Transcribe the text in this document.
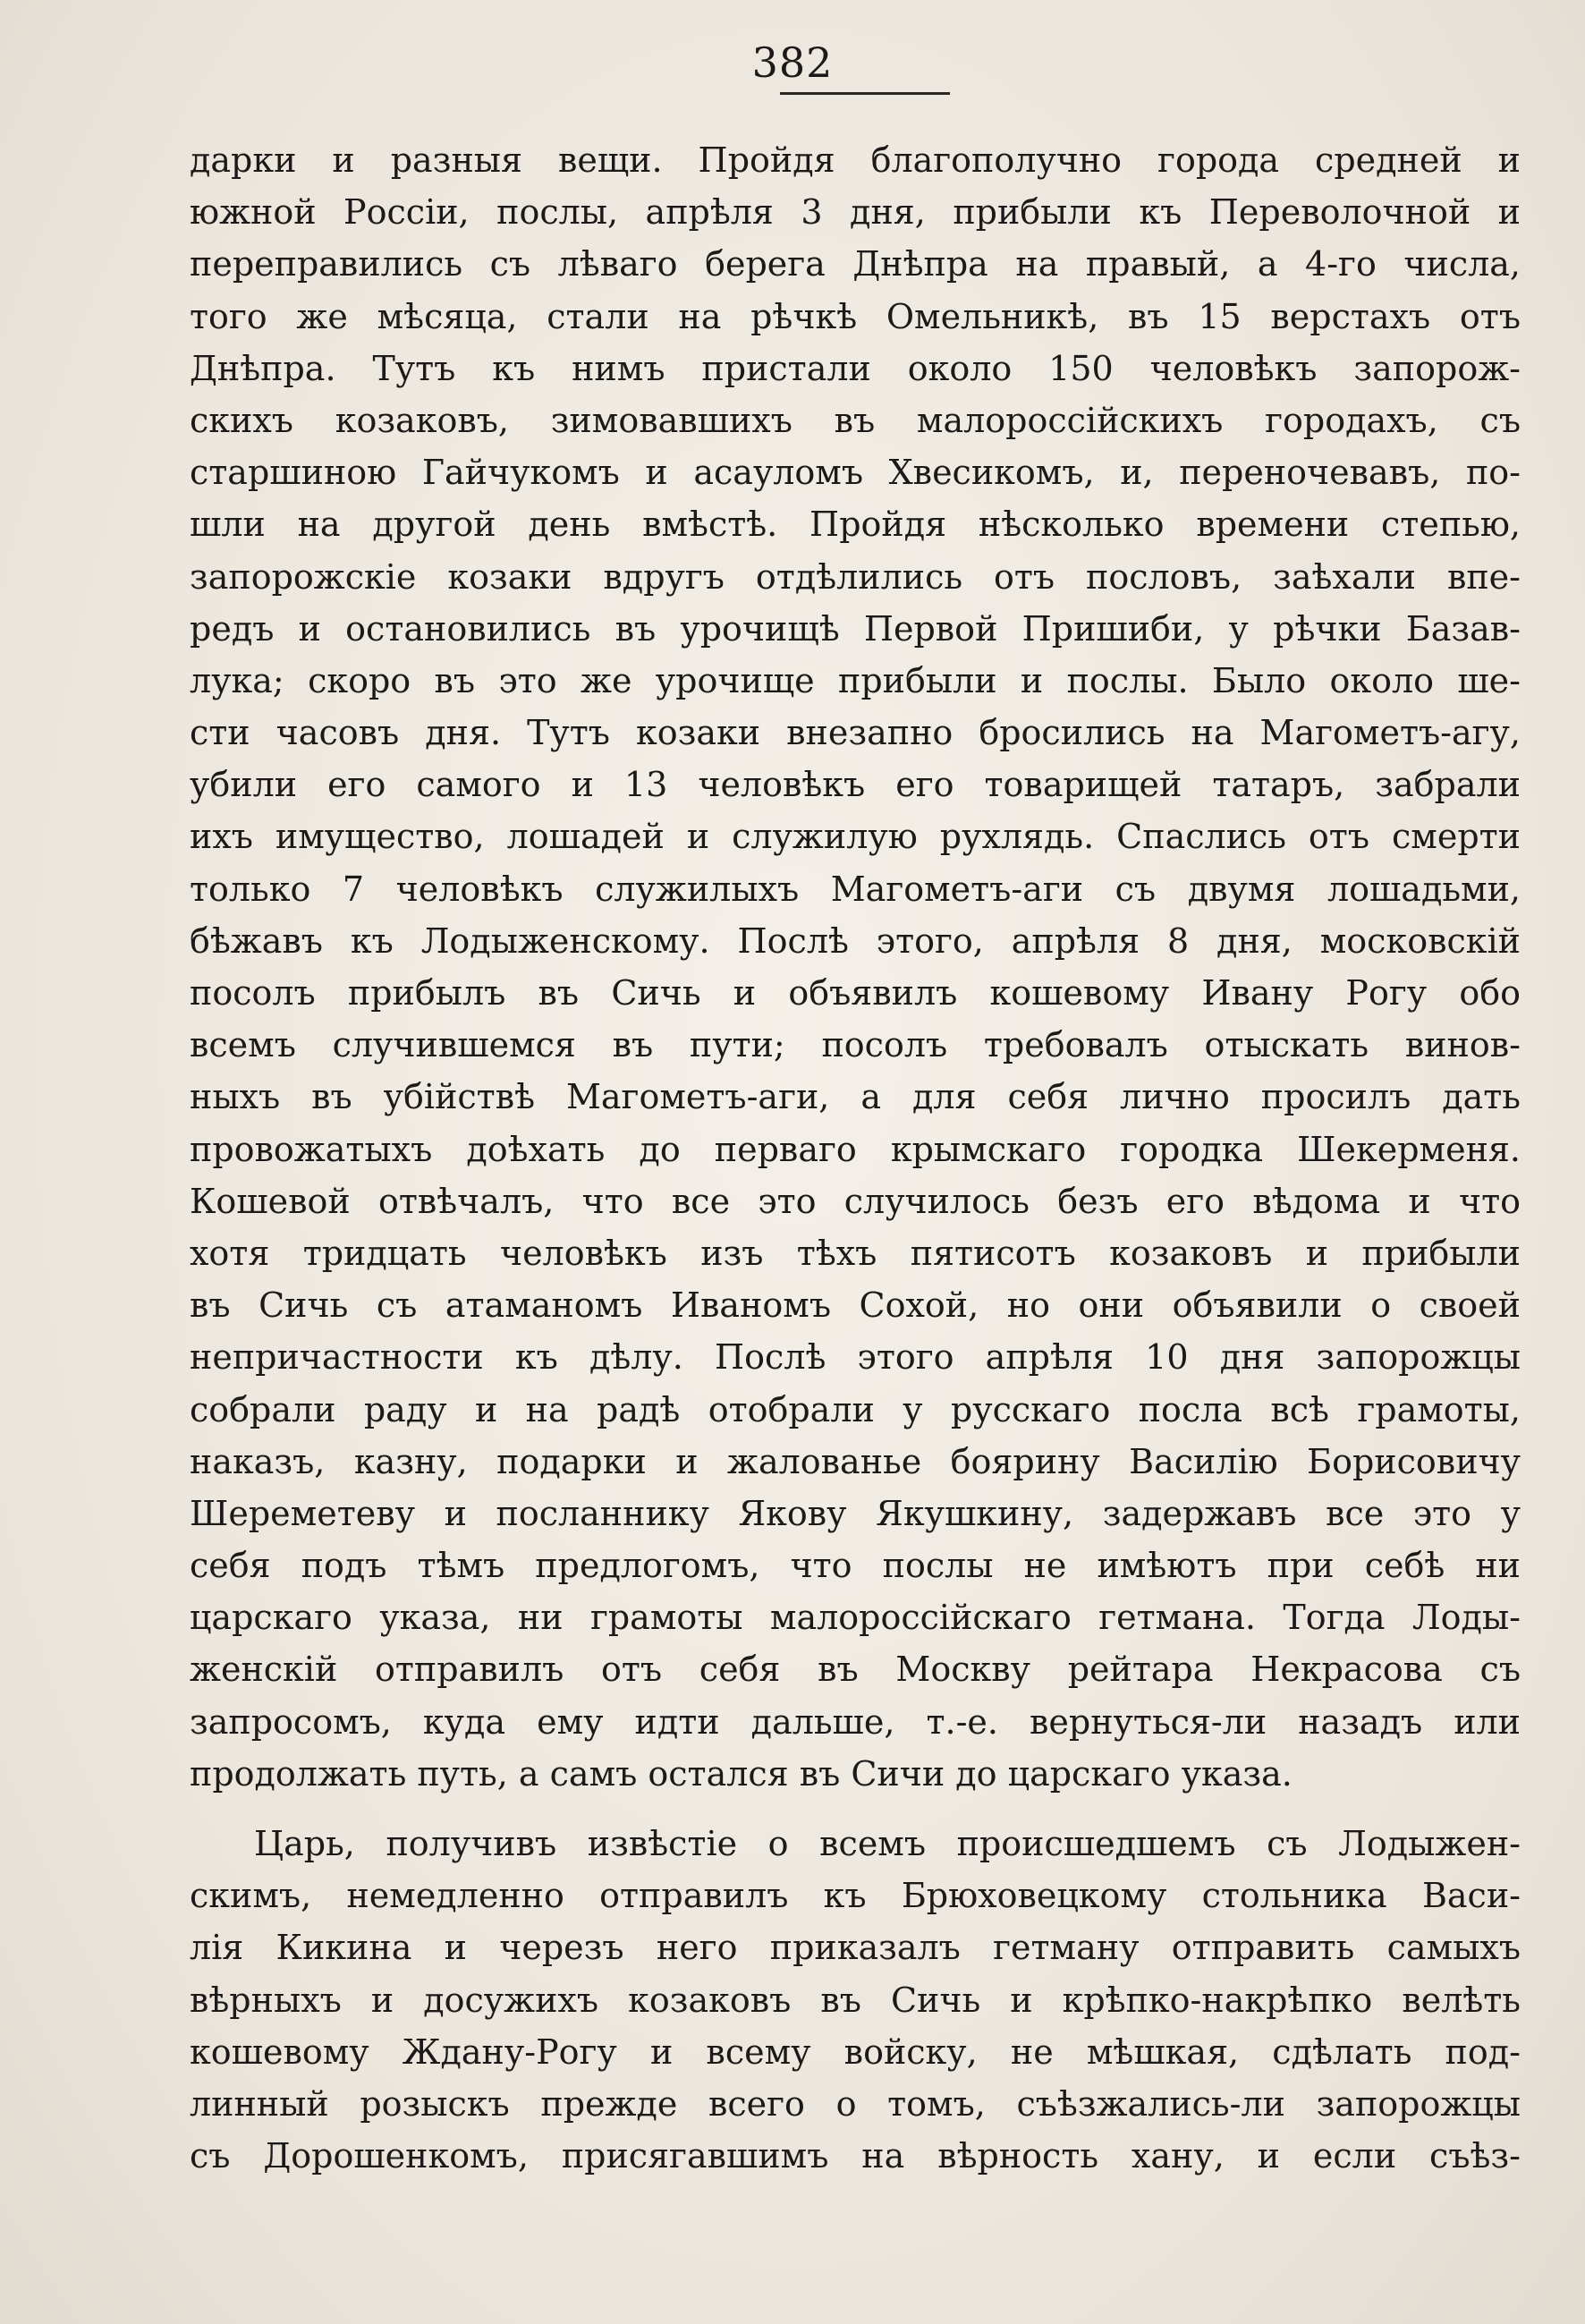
382
дарки и разныя вещи. Пройдя благополучно города средней и
южной Россіи, послы, апрѣля 3 дня, прибыли къ Переволочной и
переправились съ лѣваго берега Днѣпра на правый, а 4-го числа,
того же мѣсяца, стали на рѣчкѣ Омельникѣ, въ 15 верстахъ отъ
Днѣпра. Тутъ къ нимъ пристали около 150 человѣкъ запорож-
скихъ козаковъ, зимовавшихъ въ малороссійскихъ городахъ, съ
старшиною Гайчукомъ и асауломъ Хвесикомъ, и, переночевавъ, по-
шли на другой день вмѣстѣ. Пройдя нѣсколько времени степью,
запорожскіе козаки вдругъ отдѣлились отъ пословъ, заѣхали впе-
редъ и остановились въ урочищѣ Первой Пришиби, у рѣчки Базав-
лука; скоро въ это же урочище прибыли и послы. Было около ше-
сти часовъ дня. Тутъ козаки внезапно бросились на Магометъ-агу,
убили его самого и 13 человѣкъ его товарищей татаръ, забрали
ихъ имущество, лошадей и служилую рухлядь. Спаслись отъ смерти
только 7 человѣкъ служилыхъ Магометъ-аги съ двумя лошадьми,
бѣжавъ къ Лодыженскому. Послѣ этого, апрѣля 8 дня, московскій
посолъ прибылъ въ Сичь и объявилъ кошевому Ивану Рогу обо
всемъ случившемся въ пути; посолъ требовалъ отыскать винов-
ныхъ въ убійствѣ Магометъ-аги, а для себя лично просилъ дать
провожатыхъ доѣхать до перваго крымскаго городка Шекерменя.
Кошевой отвѣчалъ, что все это случилось безъ его вѣдома и что
хотя тридцать человѣкъ изъ тѣхъ пятисотъ козаковъ и прибыли
въ Сичь съ атаманомъ Иваномъ Сохой, но они объявили о своей
непричастности къ дѣлу. Послѣ этого апрѣля 10 дня запорожцы
собрали раду и на радѣ отобрали у русскаго посла всѣ грамоты,
наказъ, казну, подарки и жалованье боярину Василію Борисовичу
Шереметеву и посланнику Якову Якушкину, задержавъ все это у
себя подъ тѣмъ предлогомъ, что послы не имѣютъ при себѣ ни
царскаго указа, ни грамоты малороссійскаго гетмана. Тогда Лоды-
женскій отправилъ отъ себя въ Москву рейтара Некрасова съ
запросомъ, куда ему идти дальше, т.-е. вернуться-ли назадъ или
продолжать путь, а самъ остался въ Сичи до царскаго указа.
Царь, получивъ извѣстіе о всемъ происшедшемъ съ Лодыжен-
скимъ, немедленно отправилъ къ Брюховецкому стольника Васи-
лія Кикина и черезъ него приказалъ гетману отправить самыхъ
вѣрныхъ и досужихъ козаковъ въ Сичь и крѣпко-накрѣпко велѣть
кошевому Ждану-Рогу и всему войску, не мѣшкая, сдѣлать под-
линный розыскъ прежде всего о томъ, съѣзжались-ли запорожцы
съ Дорошенкомъ, присягавшимъ на вѣрность хану, и если съѣз-
